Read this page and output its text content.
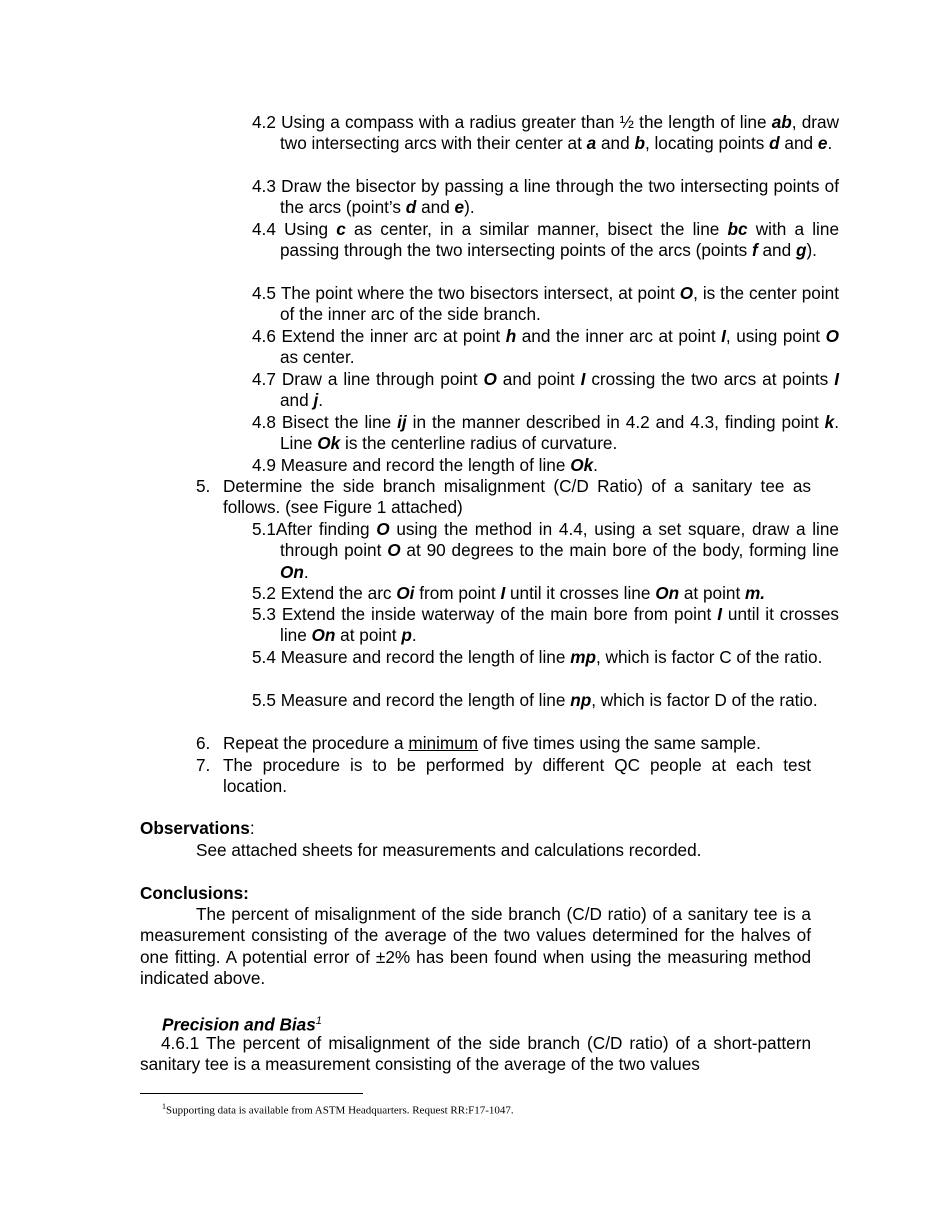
4.2 Using a compass with a radius greater than ½ the length of line ab, draw two intersecting arcs with their center at a and b, locating points d and e.
4.3 Draw the bisector by passing a line through the two intersecting points of the arcs (point’s d and e).
4.4 Using c as center, in a similar manner, bisect the line bc with a line passing through the two intersecting points of the arcs (points f and g).
4.5 The point where the two bisectors intersect, at point O, is the center point of the inner arc of the side branch.
4.6 Extend the inner arc at point h and the inner arc at point I, using point O as center.
4.7 Draw a line through point O and point I crossing the two arcs at points I and j.
4.8 Bisect the line ij in the manner described in 4.2 and 4.3, finding point k. Line Ok is the centerline radius of curvature.
4.9 Measure and record the length of line Ok.
5. Determine the side branch misalignment (C/D Ratio) of a sanitary tee as follows. (see Figure 1 attached)
5.1After finding O using the method in 4.4, using a set square, draw a line through point O at 90 degrees to the main bore of the body, forming line On.
5.2 Extend the arc Oi from point I until it crosses line On at point m.
5.3 Extend the inside waterway of the main bore from point I until it crosses line On at point p.
5.4 Measure and record the length of line mp, which is factor C of the ratio.
5.5 Measure and record the length of line np, which is factor D of the ratio.
6. Repeat the procedure a minimum of five times using the same sample.
7. The procedure is to be performed by different QC people at each test location.
Observations:
See attached sheets for measurements and calculations recorded.
Conclusions:
The percent of misalignment of the side branch (C/D ratio) of a sanitary tee is a measurement consisting of the average of the two values determined for the halves of one fitting. A potential error of ±2% has been found when using the measuring method indicated above.
Precision and Bias$^1$
4.6.1 The percent of misalignment of the side branch (C/D ratio) of a short-pattern sanitary tee is a measurement consisting of the average of the two values
$^1$Supporting data is available from ASTM Headquarters. Request RR:F17-1047.
